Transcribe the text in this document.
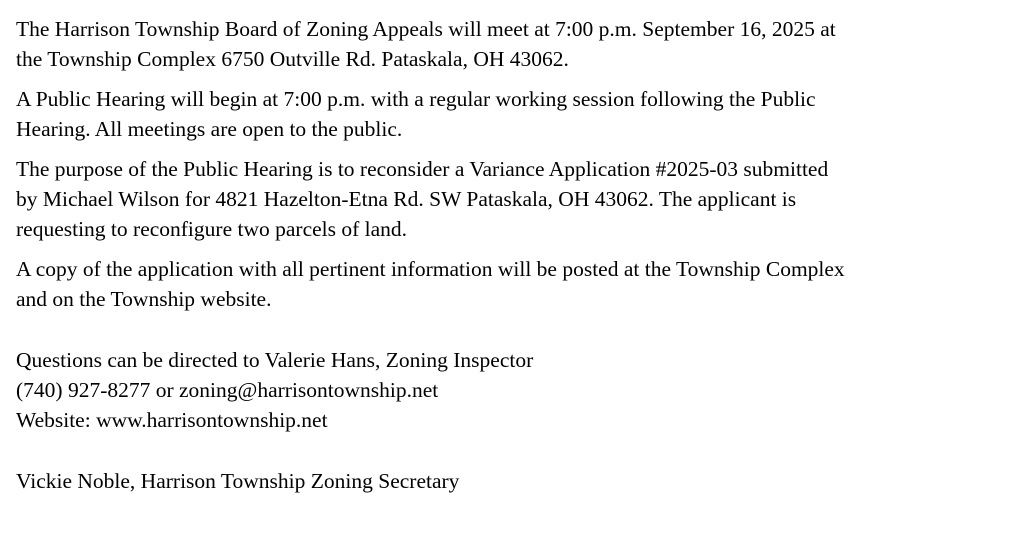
The Harrison Township Board of Zoning Appeals will meet at 7:00 p.m. September 16, 2025 at
the Township Complex 6750 Outville Rd. Pataskala, OH 43062.

A Public Hearing will begin at 7:00 p.m. with a regular working session following the Public
Hearing. All meetings are open to the public.

The purpose of the Public Hearing is to reconsider a Variance Application #2025-03 submitted
by Michael Wilson for 4821 Hazelton-Etna Rd. SW Pataskala, OH 43062. The applicant is
requesting to reconfigure two parcels of land.

A copy of the application with all pertinent information will be posted at the Township Complex
and on the Township website.

Questions can be directed to Valerie Hans, Zoning Inspector
(740) 927-8277 or zoning@harrisontownship.net
Website: www.harrisontownship.net

Vickie Noble, Harrison Township Zoning Secretary
